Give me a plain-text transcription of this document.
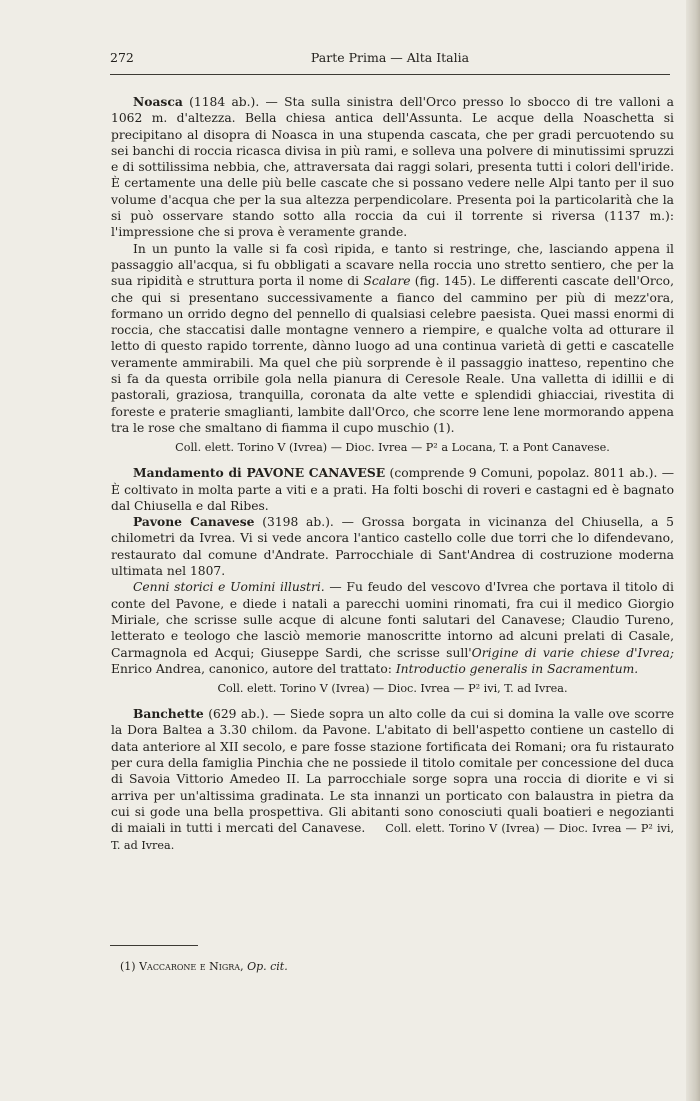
272	Parte Prima — Alta Italia

Noasca (1184 ab.). — Sta sulla sinistra dell'Orco presso lo sbocco di tre valloni a 1062 m. d'altezza. Bella chiesa antica dell'Assunta. Le acque della Noaschetta si precipitano al disopra di Noasca in una stupenda cascata, che per gradi percuotendo su sei banchi di roccia ricasca divisa in più rami, e solleva una polvere di minutissimi spruzzi e di sottilissima nebbia, che, attraversata dai raggi solari, presenta tutti i colori dell'iride. È certamente una delle più belle cascate che si possano vedere nelle Alpi tanto per il suo volume d'acqua che per la sua altezza perpendicolare. Presenta poi la particolarità che la si può osservare stando sotto alla roccia da cui il torrente si riversa (1137 m.): l'impressione che si prova è veramente grande.

In un punto la valle si fa così ripida, e tanto si restringe, che, lasciando appena il passaggio all'acqua, si fu obbligati a scavare nella roccia uno stretto sentiero, che per la sua ripidità e struttura porta il nome di Scalare (fig. 145). Le differenti cascate dell'Orco, che qui si presentano successivamente a fianco del cammino per più di mezz'ora, formano un orrido degno del pennello di qualsiasi celebre paesista. Quei massi enormi di roccia, che staccatisi dalle montagne vennero a riempire, e qualche volta ad otturare il letto di questo rapido torrente, dànno luogo ad una continua varietà di getti e cascatelle veramente ammirabili. Ma quel che più sorprende è il passaggio inatteso, repentino che si fa da questa orribile gola nella pianura di Ceresole Reale. Una valletta di idillii e di pastorali, graziosa, tranquilla, coronata da alte vette e splendidi ghiacciai, rivestita di foreste e praterie smaglianti, lambite dall'Orco, che scorre lene lene mormorando appena tra le rose che smaltano di fiamma il cupo muschio (1).

Coll. elett. Torino V (Ivrea) — Dioc. Ivrea — P² a Locana, T. a Pont Canavese.

Mandamento di PAVONE CANAVESE (comprende 9 Comuni, popolaz. 8011 ab.). — È coltivato in molta parte a viti e a prati. Ha folti boschi di roveri e castagni ed è bagnato dal Chiusella e dal Ribes.

Pavone Canavese (3198 ab.). — Grossa borgata in vicinanza del Chiusella, a 5 chilometri da Ivrea. Vi si vede ancora l'antico castello colle due torri che lo difendevano, restaurato dal comune d'Andrate. Parrocchiale di Sant'Andrea di costruzione moderna ultimata nel 1807.

Cenni storici e Uomini illustri. — Fu feudo del vescovo d'Ivrea che portava il titolo di conte del Pavone, e diede i natali a parecchi uomini rinomati, fra cui il medico Giorgio Miriale, che scrisse sulle acque di alcune fonti salutari del Canavese; Claudio Tureno, letterato e teologo che lasciò memorie manoscritte intorno ad alcuni prelati di Casale, Carmagnola ed Acqui; Giuseppe Sardi, che scrisse sull'Origine di varie chiese d'Ivrea; Enrico Andrea, canonico, autore del trattato: Introductio generalis in Sacramentum.

Coll. elett. Torino V (Ivrea) — Dioc. Ivrea — P² ivi, T. ad Ivrea.

Banchette (629 ab.). — Siede sopra un alto colle da cui si domina la valle ove scorre la Dora Baltea a 3.30 chilom. da Pavone. L'abitato di bell'aspetto contiene un castello di data anteriore al XII secolo, e pare fosse stazione fortificata dei Romani; ora fu ristaurato per cura della famiglia Pinchia che ne possiede il titolo comitale per concessione del duca di Savoia Vittorio Amedeo II. La parrocchiale sorge sopra una roccia di diorite e vi si arriva per un'altissima gradinata. Le sta innanzi un porticato con balaustra in pietra da cui si gode una bella prospettiva. Gli abitanti sono conosciuti quali boatieri e negozianti di maiali in tutti i mercati del Canavese. Coll. elett. Torino V (Ivrea) — Dioc. Ivrea — P² ivi, T. ad Ivrea.

(1) Vaccarone e Nigra, Op. cit.
